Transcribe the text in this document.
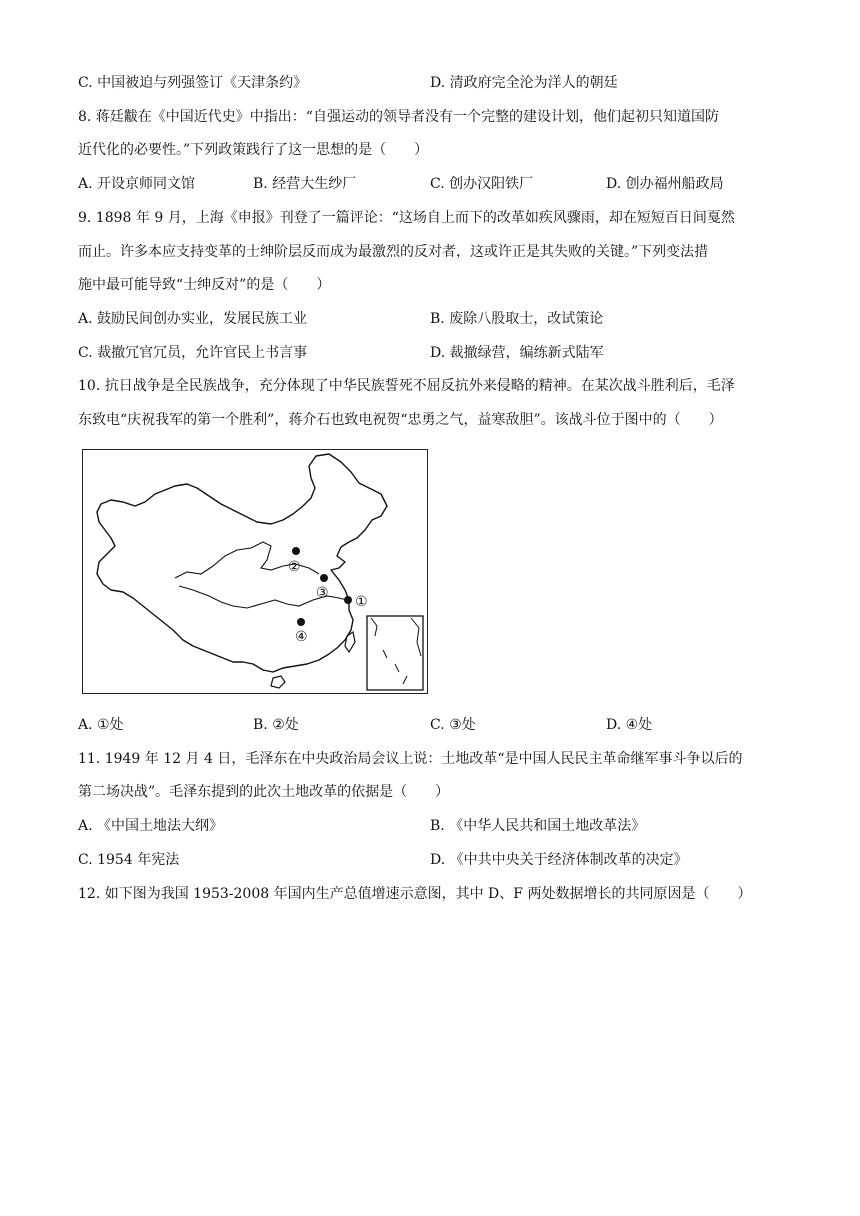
C. 中国被迫与列强签订《天津条约》	D. 清政府完全沦为洋人的朝廷
8. 蒋廷黻在《中国近代史》中指出：“自强运动的领导者没有一个完整的建设计划，他们起初只知道国防
近代化的必要性。”下列政策践行了这一思想的是（　　）
A. 开设京师同文馆	B. 经营大生纱厂	C. 创办汉阳铁厂	D. 创办福州船政局
9. 1898 年 9 月，上海《申报》刊登了一篇评论：“这场自上而下的改革如疾风骤雨，却在短短百日间戛然
而止。许多本应支持变革的士绅阶层反而成为最激烈的反对者，这或许正是其失败的关键。”下列变法措
施中最可能导致“士绅反对”的是（　　）
A. 鼓励民间创办实业，发展民族工业	B. 废除八股取士，改试策论
C. 裁撤冗官冗员，允许官民上书言事	D. 裁撤绿营，编练新式陆军
10. 抗日战争是全民族战争，充分体现了中华民族誓死不屈反抗外来侵略的精神。在某次战斗胜利后，毛泽
东致电“庆祝我军的第一个胜利”，蒋介石也致电祝贺“忠勇之气，益寒敌胆”。该战斗位于图中的（　　）
①
②
③
④
A. ①处	B. ②处	C. ③处	D. ④处
11. 1949 年 12 月 4 日，毛泽东在中央政治局会议上说：土地改革“是中国人民民主革命继军事斗争以后的
第二场决战”。毛泽东提到的此次土地改革的依据是（　　）
A. 《中国土地法大纲》	B. 《中华人民共和国土地改革法》
C. 1954 年宪法	D. 《中共中央关于经济体制改革的决定》
12. 如下图为我国 1953-2008 年国内生产总值增速示意图，其中 D、F 两处数据增长的共同原因是（　　）
